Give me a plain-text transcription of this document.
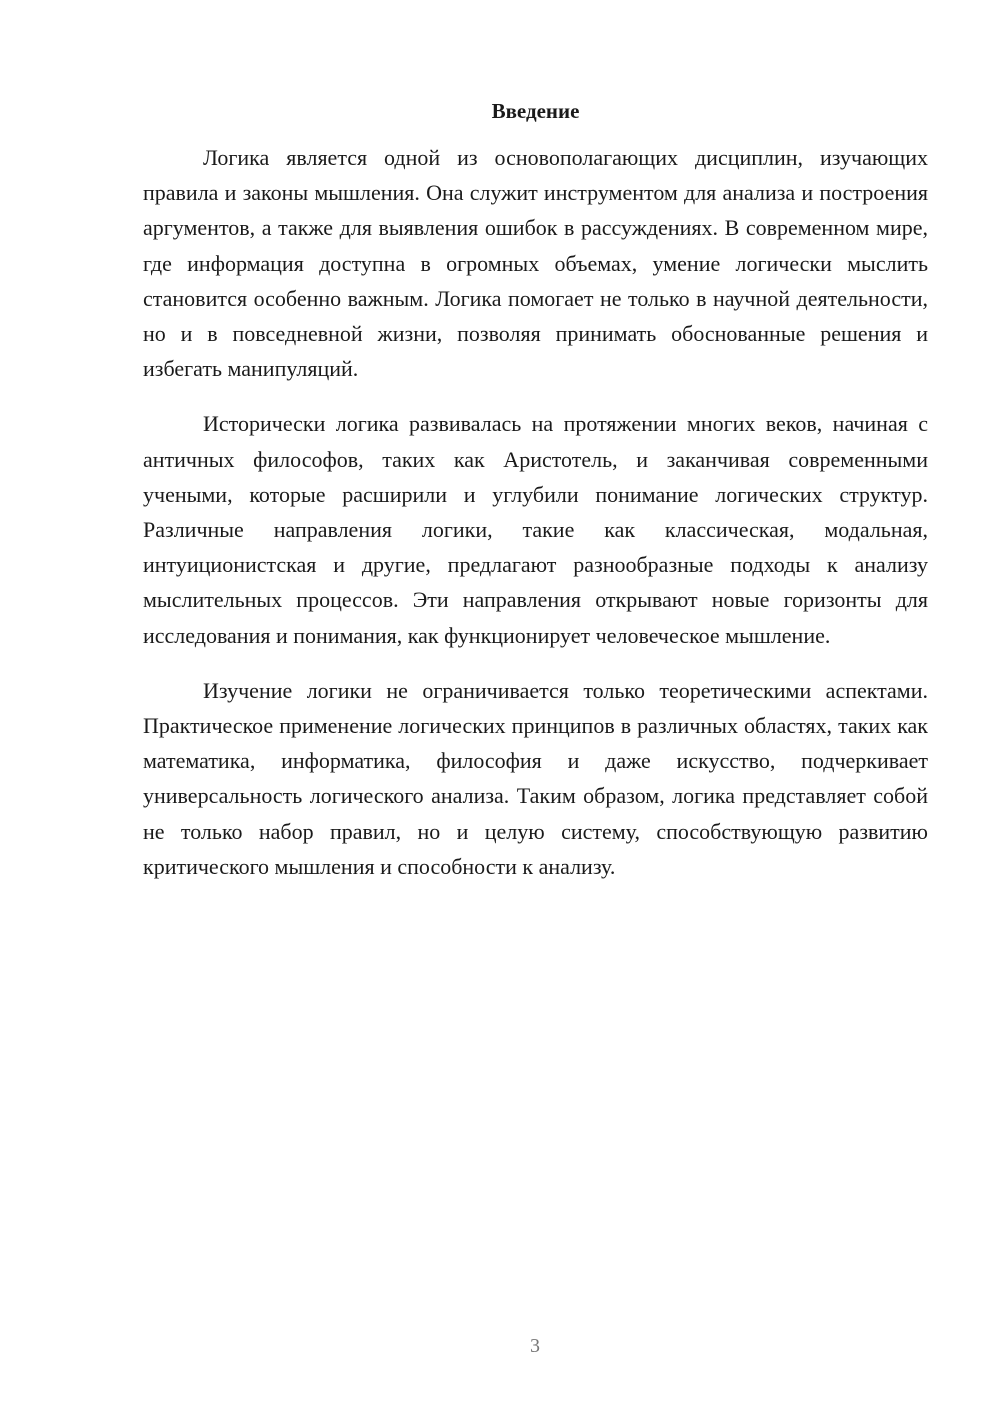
Введение

Логика является одной из основополагающих дисциплин, изучающих правила и законы мышления. Она служит инструментом для анализа и построения аргументов, а также для выявления ошибок в рассуждениях. В современном мире, где информация доступна в огромных объемах, умение логически мыслить становится особенно важным. Логика помогает не только в научной деятельности, но и в повседневной жизни, позволяя принимать обоснованные решения и избегать манипуляций.

Исторически логика развивалась на протяжении многих веков, начиная с античных философов, таких как Аристотель, и заканчивая современными учеными, которые расширили и углубили понимание логических структур. Различные направления логики, такие как классическая, модальная, интуиционистская и другие, предлагают разнообразные подходы к анализу мыслительных процессов. Эти направления открывают новые горизонты для исследования и понимания, как функционирует человеческое мышление.

Изучение логики не ограничивается только теоретическими аспектами. Практическое применение логических принципов в различных областях, таких как математика, информатика, философия и даже искусство, подчеркивает универсальность логического анализа. Таким образом, логика представляет собой не только набор правил, но и целую систему, способствующую развитию критического мышления и способности к анализу.

3
